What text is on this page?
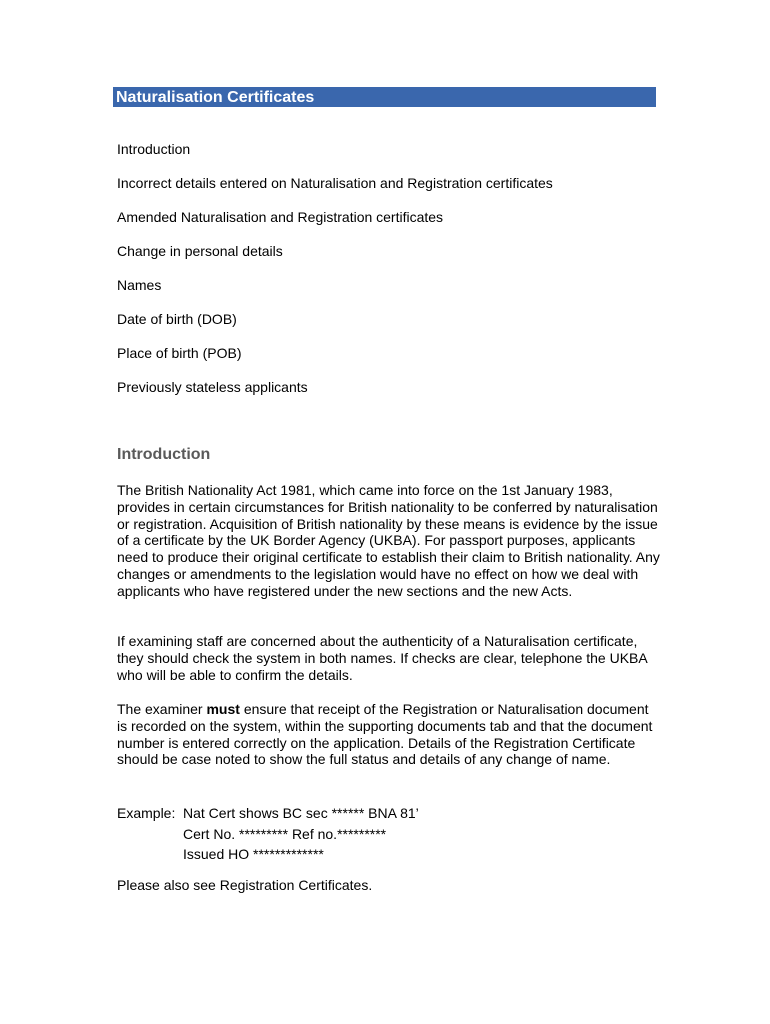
Naturalisation Certificates
Introduction
Incorrect details entered on Naturalisation and Registration certificates
Amended Naturalisation and Registration certificates
Change in personal details
Names
Date of birth (DOB)
Place of birth (POB)
Previously stateless applicants
Introduction

The British Nationality Act 1981, which came into force on the 1st January 1983, provides in certain circumstances for British nationality to be conferred by naturalisation or registration. Acquisition of British nationality by these means is evidence by the issue of a certificate by the UK Border Agency (UKBA). For passport purposes, applicants need to produce their original certificate to establish their claim to British nationality. Any changes or amendments to the legislation would have no effect on how we deal with applicants who have registered under the new sections and the new Acts.

If examining staff are concerned about the authenticity of a Naturalisation certificate, they should check the system in both names. If checks are clear, telephone the UKBA who will be able to confirm the details.

The examiner must ensure that receipt of the Registration or Naturalisation document is recorded on the system, within the supporting documents tab and that the document number is entered correctly on the application. Details of the Registration Certificate should be case noted to show the full status and details of any change of name.

Example: Nat Cert shows BC sec ****** BNA 81’
Cert No. ********* Ref no.*********
Issued HO *************

Please also see Registration Certificates.
